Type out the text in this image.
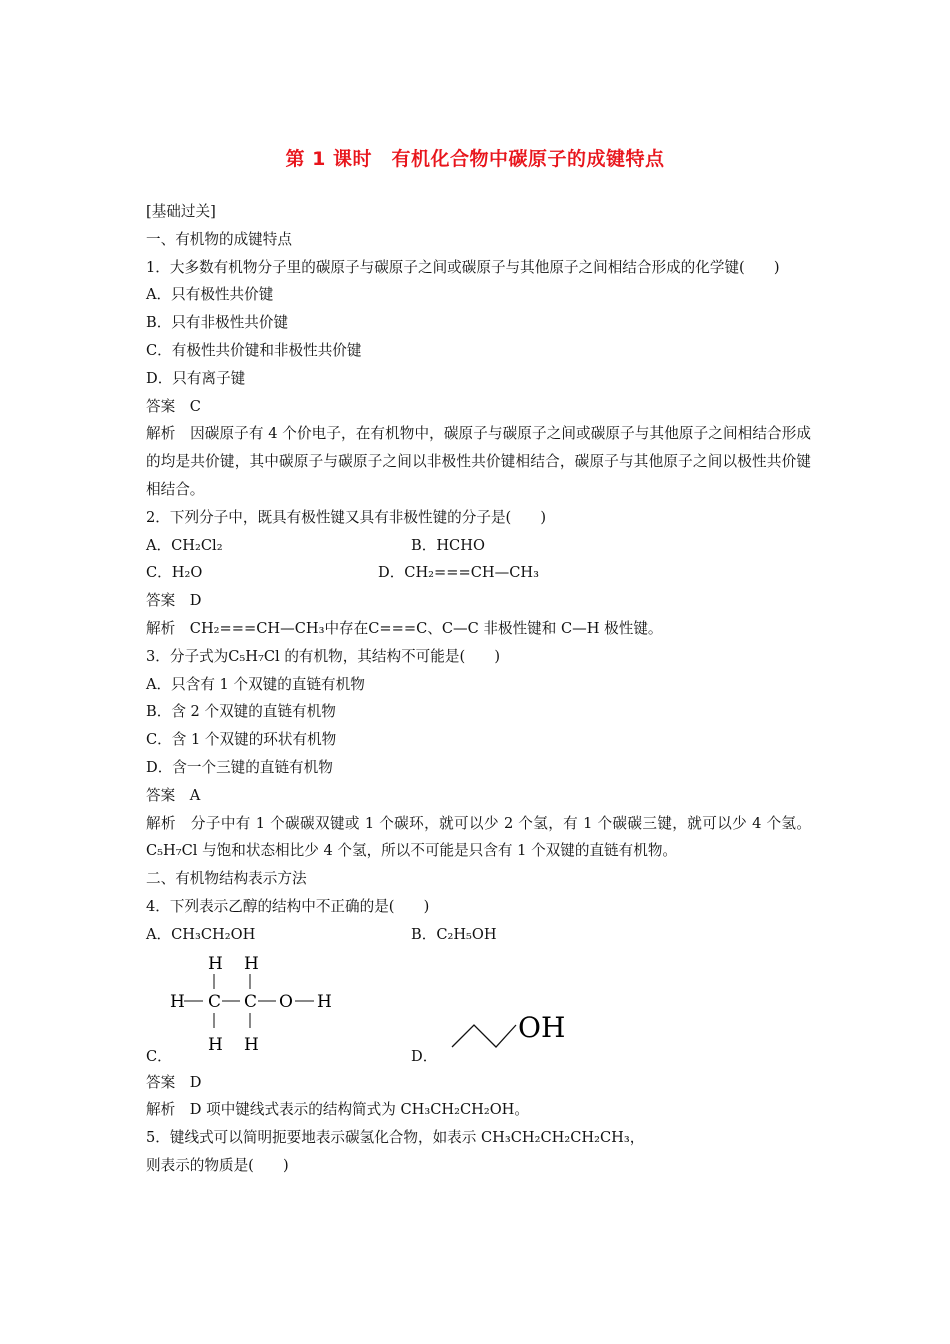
第 1 课时　有机化合物中碳原子的成键特点
[基础过关]
一、有机物的成键特点
1．大多数有机物分子里的碳原子与碳原子之间或碳原子与其他原子之间相结合形成的化学键(　　)
A．只有极性共价键
B．只有非极性共价键
C．有极性共价键和非极性共价键
D．只有离子键
答案　C
解析　因碳原子有 4 个价电子，在有机物中，碳原子与碳原子之间或碳原子与其他原子之间相结合形成的均是共价键，其中碳原子与碳原子之间以非极性共价键相结合，碳原子与其他原子之间以极性共价键相结合。
2．下列分子中，既具有极性键又具有非极性键的分子是(　　)
A．CH₂Cl₂	B．HCHO
C．H₂O	D．CH₂===CH—CH₃
答案　D
解析　CH₂===CH—CH₃中存在C===C、C—C 非极性键和 C—H 极性键。
3．分子式为C₅H₇Cl 的有机物，其结构不可能是(　　)
A．只含有 1 个双键的直链有机物
B．含 2 个双键的直链有机物
C．含 1 个双键的环状有机物
D．含一个三键的直链有机物
答案　A
解析　分子中有 1 个碳碳双键或 1 个碳环，就可以少 2 个氢，有 1 个碳碳三键，就可以少 4 个氢。C₅H₇Cl 与饱和状态相比少 4 个氢，所以不可能是只含有 1 个双键的直链有机物。
二、有机物结构表示方法
4．下列表示乙醇的结构中不正确的是(　　)
A．CH₃CH₂OH	B．C₂H₅OH
H H
H C C O H
H H
C．	D．
OH
答案　D
解析　D 项中键线式表示的结构简式为 CH₃CH₂CH₂OH。
5．键线式可以简明扼要地表示碳氢化合物，如表示 CH₃CH₂CH₂CH₂CH₃，
则表示的物质是(　　)
